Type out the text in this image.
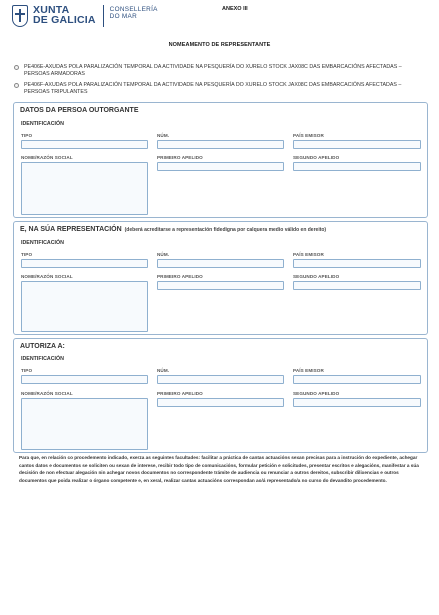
XUNTA
DE GALICIA
CONSELLERÍA
DO MAR
ANEXO III
NOMEAMENTO DE REPRESENTANTE
PE406E-AXUDAS POLA PARALIZACIÓN TEMPORAL DA ACTIVIDADE NA PESQUERÍA DO XURELO STOCK JAX08C DAS EMBARCACIÓNS AFECTADAS – PERSOAS ARMADORAS
PE406F-AXUDAS POLA PARALIZACIÓN TEMPORAL DA ACTIVIDADE NA PESQUERÍA DO XURELO STOCK JAX08C DAS EMBARCACIÓNS AFECTADAS – PERSOAS TRIPULANTES
DATOS DA PERSOA OUTORGANTE
IDENTIFICACIÓN
TIPO	NÚM.	PAÍS EMISOR
NOME/RAZÓN SOCIAL	PRIMEIRO APELIDO	SEGUNDO APELIDO
E, NA SÚA REPRESENTACIÓN (deberá acreditarse a representación fidedigna por calquera medio válido en dereito)
IDENTIFICACIÓN
TIPO	NÚM.	PAÍS EMISOR
NOME/RAZÓN SOCIAL	PRIMEIRO APELIDO	SEGUNDO APELIDO
AUTORIZA A:
IDENTIFICACIÓN
TIPO	NÚM.	PAÍS EMISOR
NOME/RAZÓN SOCIAL	PRIMEIRO APELIDO	SEGUNDO APELIDO
Para que, en relación co procedemento indicado, exerza as seguintes facultades: facilitar a práctica de cantas actuacións sexan precisas para a instrución do expediente, achegar cantos datos e documentos se soliciten ou sexan de interese, recibir todo tipo de comunicacións, formular petición e solicitudes, presentar escritos e alegacións, manifestar a súa decisión de non efectuar alegación nin achegar novos documentos no correspondente trámite de audiencia ou renunciar a outros dereitos, subscribir dilixencias e outros documentos que poida realizar o órgano competente e, en xeral, realizar cantas actuacións correspondan ao/á representado/a no curso do devandito procedemento.
